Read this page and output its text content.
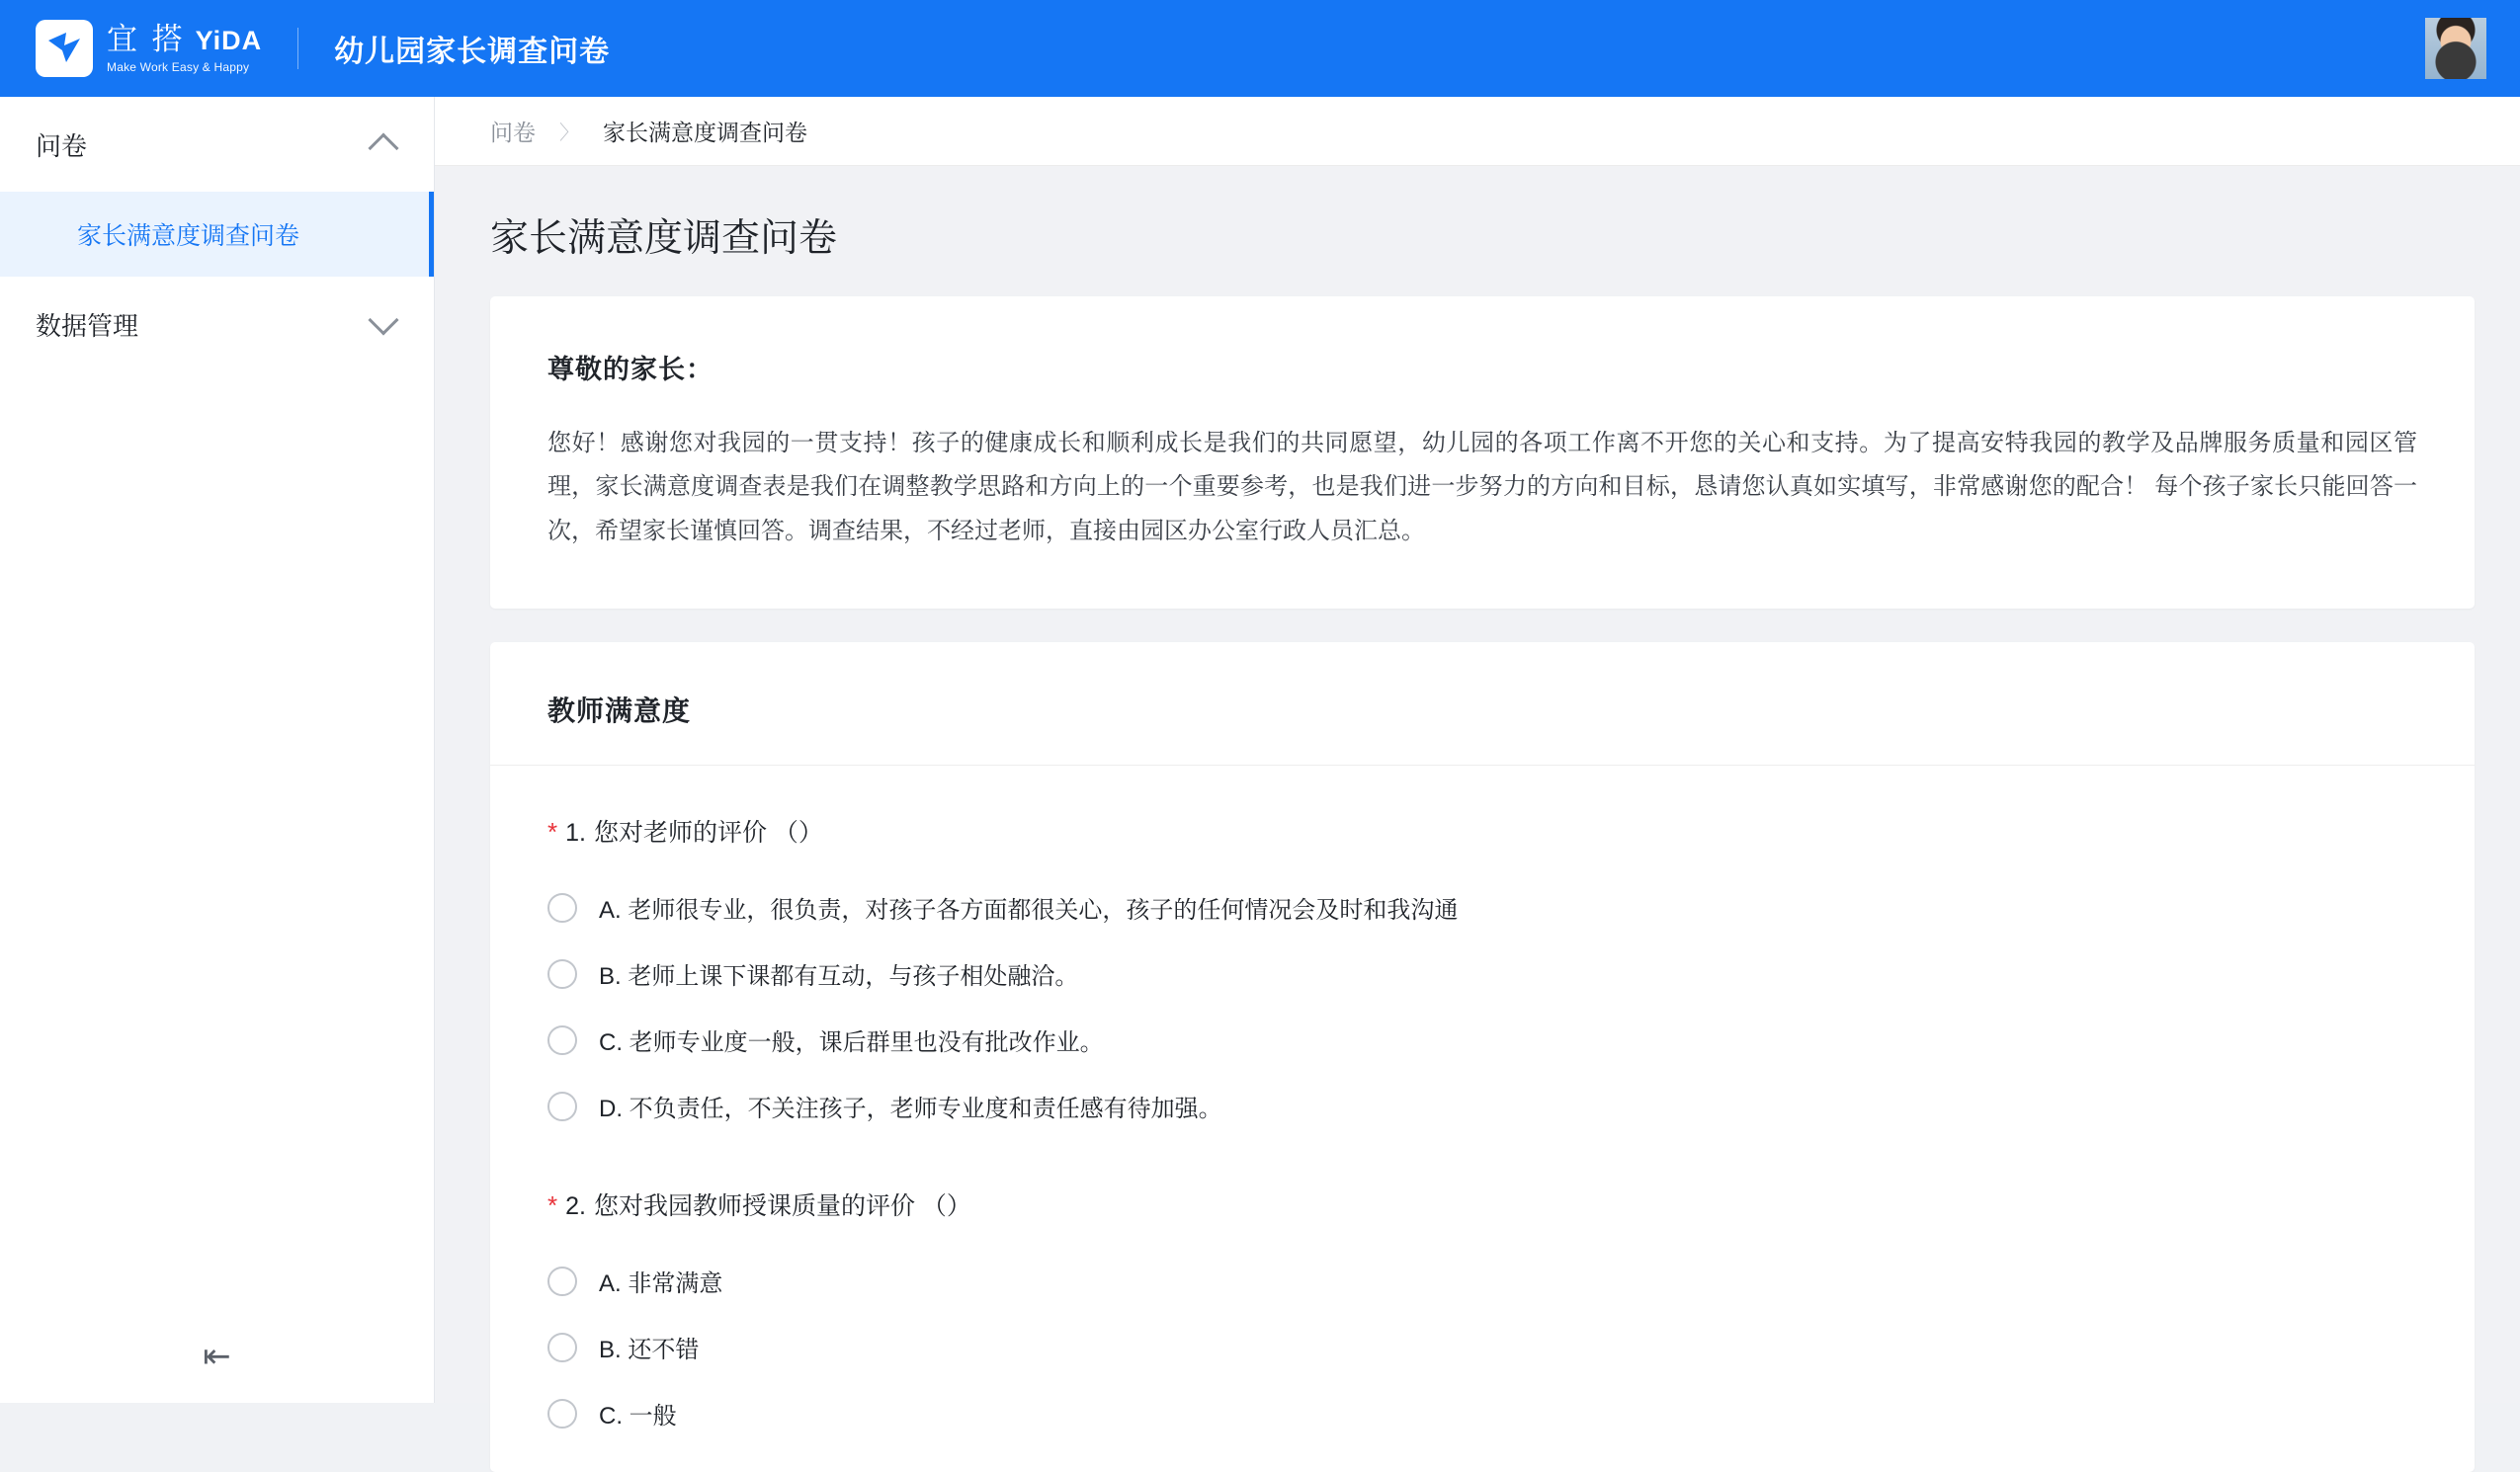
宜 搭 YiDA
Make Work Easy & Happy	幼儿园家长调查问卷
问卷
家长满意度调查问卷
数据管理
⇤
问卷 〉 家长满意度调查问卷
家长满意度调查问卷
尊敬的家长：
您好！感谢您对我园的一贯支持！孩子的健康成长和顺利成长是我们的共同愿望，幼儿园的各项工作离不开您的关心和支持。为了提高安特我园的教学及品牌服务质量和园区管理，家长满意度调查表是我们在调整教学思路和方向上的一个重要参考，也是我们进一步努力的方向和目标，恳请您认真如实填写，非常感谢您的配合！ 每个孩子家长只能回答一次，希望家长谨慎回答。调查结果，不经过老师，直接由园区办公室行政人员汇总。
教师满意度
* 1. 您对老师的评价 （）
A. 老师很专业，很负责，对孩子各方面都很关心，孩子的任何情况会及时和我沟通
B. 老师上课下课都有互动，与孩子相处融洽。
C. 老师专业度一般，课后群里也没有批改作业。
D. 不负责任，不关注孩子，老师专业度和责任感有待加强。
* 2. 您对我园教师授课质量的评价 （）
A. 非常满意
B. 还不错
C. 一般
